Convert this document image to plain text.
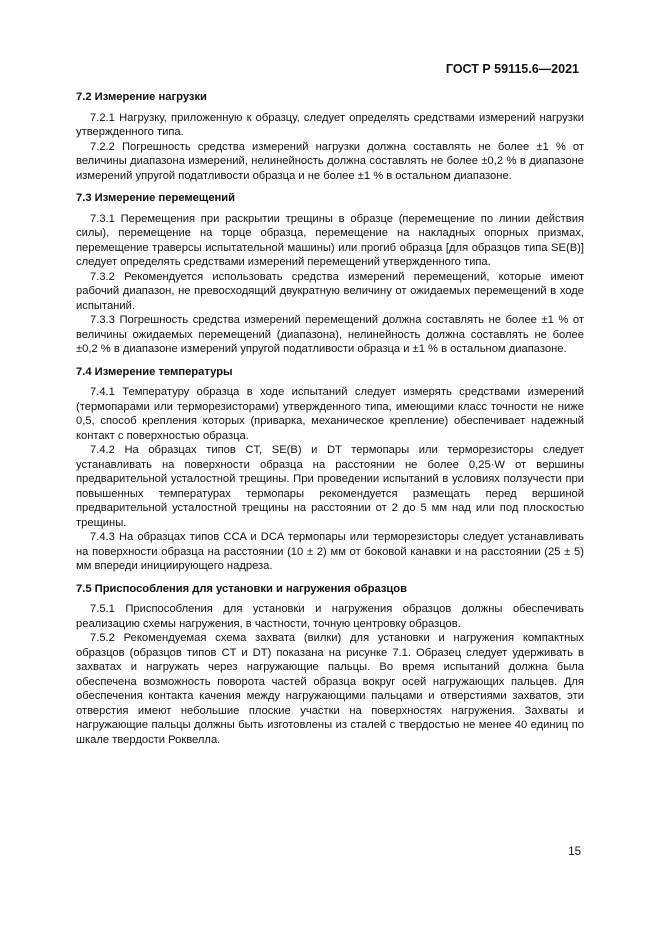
ГОСТ Р 59115.6—2021
7.2 Измерение нагрузки

7.2.1 Нагрузку, приложенную к образцу, следует определять средствами измерений нагрузки утвержденного типа.

7.2.2 Погрешность средства измерений нагрузки должна составлять не более ±1 % от величины диапазона измерений, нелинейность должна составлять не более ±0,2 % в диапазоне измерений упругой податливости образца и не более ±1 % в остальном диапазоне.

7.3 Измерение перемещений

7.3.1 Перемещения при раскрытии трещины в образце (перемещение по линии действия силы), перемещение на торце образца, перемещение на накладных опорных призмах, перемещение траверсы испытательной машины) или прогиб образца [для образцов типа SE(B)] следует определять средствами измерений перемещений утвержденного типа.

7.3.2 Рекомендуется использовать средства измерений перемещений, которые имеют рабочий диапазон, не превосходящий двукратную величину от ожидаемых перемещений в ходе испытаний.

7.3.3 Погрешность средства измерений перемещений должна составлять не более ±1 % от величины ожидаемых перемещений (диапазона), нелинейность должна составлять не более ±0,2 % в диапазоне измерений упругой податливости образца и ±1 % в остальном диапазоне.

7.4 Измерение температуры

7.4.1 Температуру образца в ходе испытаний следует измерять средствами измерений (термопарами или терморезисторами) утвержденного типа, имеющими класс точности не ниже 0,5, способ крепления которых (приварка, механическое крепление) обеспечивает надежный контакт с поверхностью образца.

7.4.2 На образцах типов CT, SE(B) и DT термопары или терморезисторы следует устанавливать на поверхности образца на расстоянии не более 0,25·W от вершины предварительной усталостной трещины. При проведении испытаний в условиях ползучести при повышенных температурах термопары рекомендуется размещать перед вершиной предварительной усталостной трещины на расстоянии от 2 до 5 мм над или под плоскостью трещины.

7.4.3 На образцах типов CCA и DCA термопары или терморезисторы следует устанавливать на поверхности образца на расстоянии (10 ± 2) мм от боковой канавки и на расстоянии (25 ± 5) мм впереди инициирующего надреза.

7.5 Приспособления для установки и нагружения образцов

7.5.1 Приспособления для установки и нагружения образцов должны обеспечивать реализацию схемы нагружения, в частности, точную центровку образцов.

7.5.2 Рекомендуемая схема захвата (вилки) для установки и нагружения компактных образцов (образцов типов CT и DT) показана на рисунке 7.1. Образец следует удерживать в захватах и нагружать через нагружающие пальцы. Во время испытаний должна была обеспечена возможность поворота частей образца вокруг осей нагружающих пальцев. Для обеспечения контакта качения между нагружающими пальцами и отверстиями захватов, эти отверстия имеют небольшие плоские участки на поверхностях нагружения. Захваты и нагружающие пальцы должны быть изготовлены из сталей с твердостью не менее 40 единиц по шкале твердости Роквелла.

15
